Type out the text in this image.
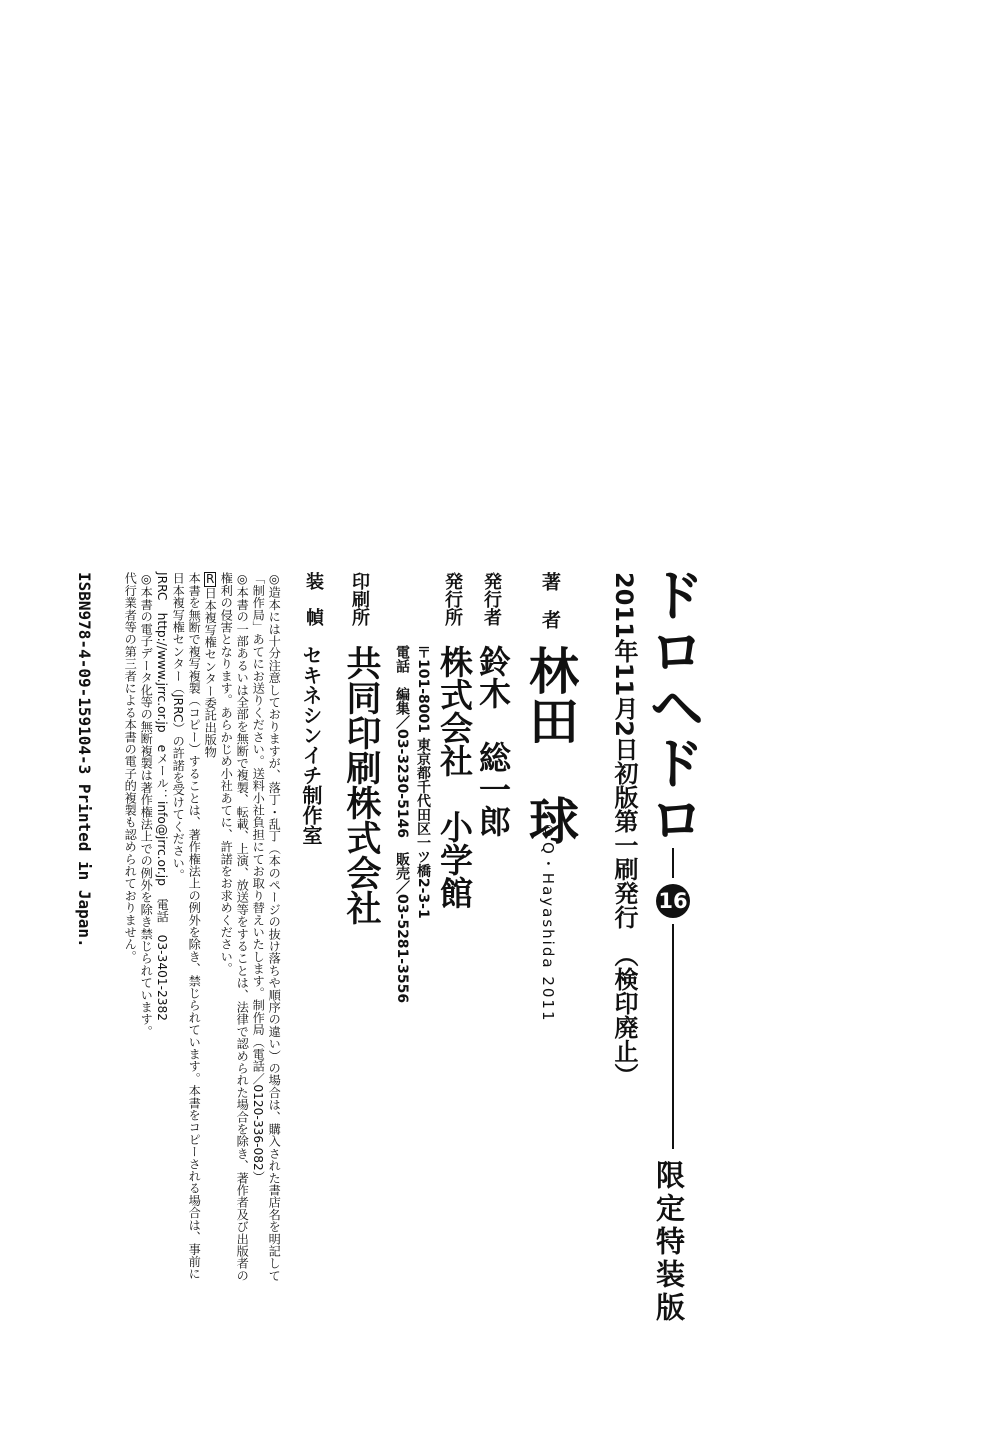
ドロヘドロ
16
限定特装版
2011年11月2日初版第一刷発行（検印廃止）
著　者
林田　球
©Q・Hayashida 2011
発行者
鈴木　総一郎
発行所
株式会社　小学館
〒101-8001 東京都千代田区一ツ橋2-3-1
電話　編集／03-3230-5146　販売／03-5281-3556
印刷所
共同印刷株式会社
装　幀
セキネシンイチ制作室
◎造本には十分注意しておりますが、落丁・乱丁（本のページの抜け落ちや順序の違い）の場合は、購入された書店名を明記して
「制作局」あてにお送りください。送料小社負担にてお取り替えいたします。制作局（電話／0120-336-082）
◎本書の一部あるいは全部を無断で複製、転載、上演、放送等をすることは、法律で認められた場合を除き、著作者及び出版者の
権利の侵害となります。あらかじめ小社あてに、許諾をお求めください。
R日本複写権センター委託出版物
本書を無断で複写複製（コピー）することは、著作権法上の例外を除き、禁じられています。本書をコピーされる場合は、事前に
日本複写権センター（JRRC）の許諾を受けてください。
JRRC　http://www.jrrc.or.jp　eメール：info@jrrc.or.jp　電話　03-3401-2382
◎本書の電子データ化等の無断複製は著作権法上での例外を除き禁じられています。
代行業者等の第三者による本書の電子的複製も認められておりません。
ISBN978-4-09-159104-3 Printed in Japan.
